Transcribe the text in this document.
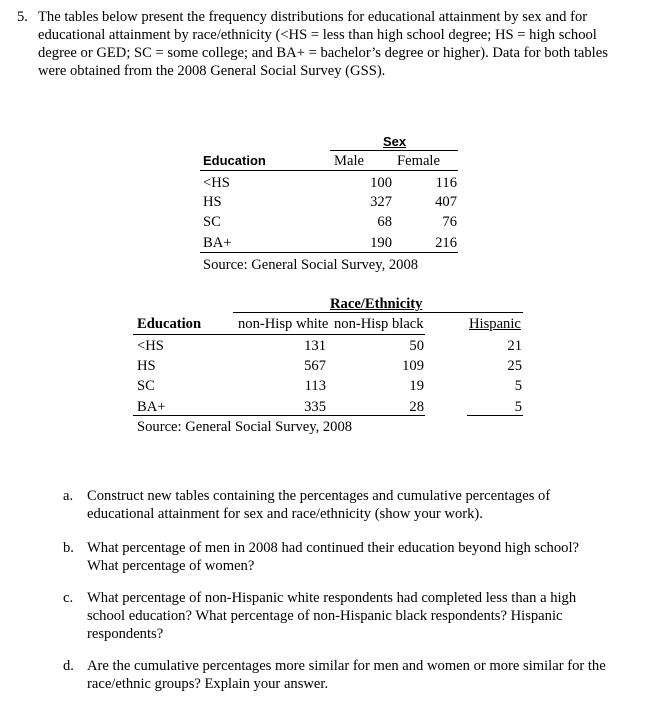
5. The tables below present the frequency distributions for educational attainment by sex and for

educational attainment by race/ethnicity (<HS = less than high school degree; HS = high school

degree or GED; SC = some college; and BA+ = bachelor’s degree or higher). Data for both tables

were obtained from the 2008 General Social Survey (GSS).

Sex
Education	Male Female
<HS	100	116
HS	327	407
SC	68	76
BA+	190	216
Source: General Social Survey, 2008
Race/Ethnicity
Education	non-Hisp white non-Hisp black	Hispanic
<HS	131	50	21
HS	567	109	25
SC	113	19	5
BA+	335	28	5
Source: General Social Survey, 2008
a. Construct new tables containing the percentages and cumulative percentages of
educational attainment for sex and race/ethnicity (show your work).
b. What percentage of men in 2008 had continued their education beyond high school?
What percentage of women?
c. What percentage of non-Hispanic white respondents had completed less than a high
school education? What percentage of non-Hispanic black respondents? Hispanic
respondents?
d. Are the cumulative percentages more similar for men and women or more similar for the
race/ethnic groups? Explain your answer.
